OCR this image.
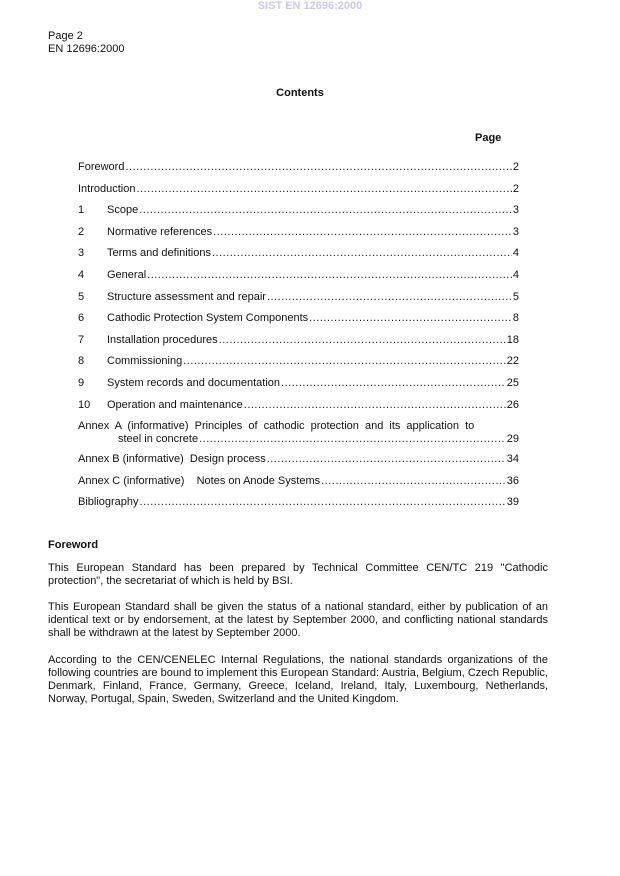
SIST EN 12696:2000
Page 2
EN 12696:2000
Contents
Page
Foreword .....	2
Introduction .....	2
1	Scope .....	3
2	Normative references .....	3
3	Terms and definitions .....	4
4	General .....	4
5	Structure assessment and repair .....	5
6	Cathodic Protection System Components .....	8
7	Installation procedures .....	18
8	Commissioning .....	22
9	System records and documentation .....	25
10	Operation and maintenance .....	26
Annex A (informative) Principles of cathodic protection and its application to
steel in concrete .....	29
Annex B (informative)  Design process .....	34
Annex C (informative)    Notes on Anode Systems .....	36
Bibliography .....	39
Foreword
This European Standard has been prepared by Technical Committee CEN/TC 219 "Cathodic protection", the secretariat of which is held by BSI.
This European Standard shall be given the status of a national standard, either by publication of an identical text or by endorsement, at the latest by September 2000, and conflicting national standards shall be withdrawn at the latest by September 2000.
According to the CEN/CENELEC Internal Regulations, the national standards organizations of the following countries are bound to implement this European Standard: Austria, Belgium, Czech Republic, Denmark, Finland, France, Germany, Greece, Iceland, Ireland, Italy, Luxembourg, Netherlands, Norway, Portugal, Spain, Sweden, Switzerland and the United Kingdom.
